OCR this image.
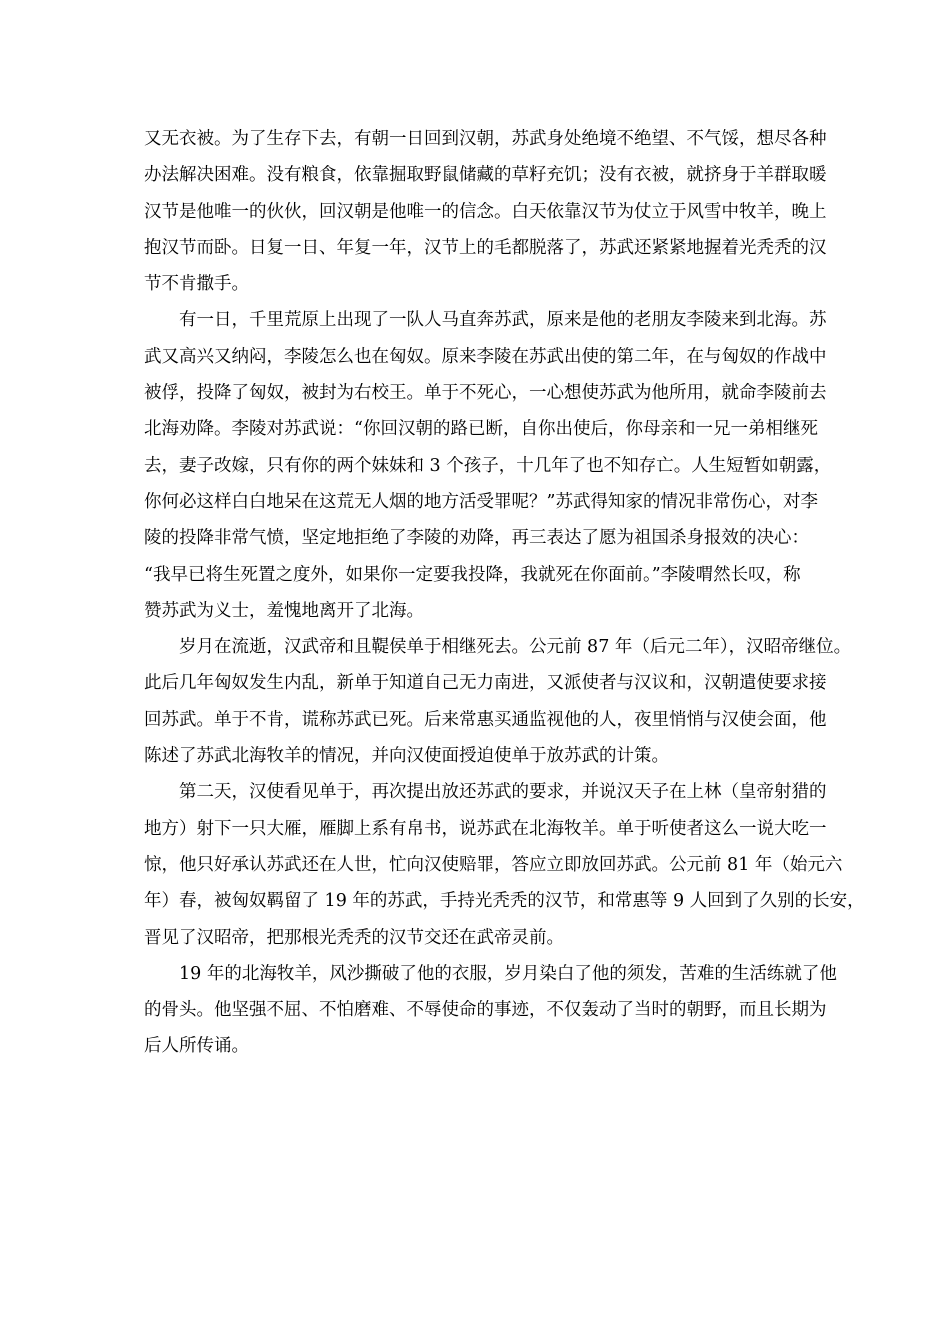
又无衣被。为了生存下去，有朝一日回到汉朝，苏武身处绝境不绝望、不气馁，想尽各种
办法解决困难。没有粮食，依靠掘取野鼠储藏的草籽充饥；没有衣被，就挤身于羊群取暖
汉节是他唯一的伙伙，回汉朝是他唯一的信念。白天依靠汉节为仗立于风雪中牧羊，晚上
抱汉节而卧。日复一日、年复一年，汉节上的毛都脱落了，苏武还紧紧地握着光秃秃的汉
节不肯撒手。
有一日，千里荒原上出现了一队人马直奔苏武，原来是他的老朋友李陵来到北海。苏
武又高兴又纳闷，李陵怎么也在匈奴。原来李陵在苏武出使的第二年，在与匈奴的作战中
被俘，投降了匈奴，被封为右校王。单于不死心，一心想使苏武为他所用，就命李陵前去
北海劝降。李陵对苏武说：“你回汉朝的路已断，自你出使后，你母亲和一兄一弟相继死
去，妻子改嫁，只有你的两个妹妹和 3 个孩子，十几年了也不知存亡。人生短暂如朝露，
你何必这样白白地呆在这荒无人烟的地方活受罪呢？”苏武得知家的情况非常伤心，对李
陵的投降非常气愤，坚定地拒绝了李陵的劝降，再三表达了愿为祖国杀身报效的决心：
“我早已将生死置之度外，如果你一定要我投降，我就死在你面前。”李陵喟然长叹，称
赞苏武为义士，羞愧地离开了北海。
岁月在流逝，汉武帝和且鞮侯单于相继死去。公元前 87 年（后元二年），汉昭帝继位。
此后几年匈奴发生内乱，新单于知道自己无力南进，又派使者与汉议和，汉朝遣使要求接
回苏武。单于不肯，谎称苏武已死。后来常惠买通监视他的人，夜里悄悄与汉使会面，他
陈述了苏武北海牧羊的情况，并向汉使面授迫使单于放苏武的计策。
第二天，汉使看见单于，再次提出放还苏武的要求，并说汉天子在上林（皇帝射猎的
地方）射下一只大雁，雁脚上系有帛书，说苏武在北海牧羊。单于听使者这么一说大吃一
惊，他只好承认苏武还在人世，忙向汉使赔罪，答应立即放回苏武。公元前 81 年（始元六
年）春，被匈奴羁留了 19 年的苏武，手持光秃秃的汉节，和常惠等 9 人回到了久别的长安，
晋见了汉昭帝，把那根光秃秃的汉节交还在武帝灵前。
19 年的北海牧羊，风沙撕破了他的衣服，岁月染白了他的须发，苦难的生活练就了他
的骨头。他坚强不屈、不怕磨难、不辱使命的事迹，不仅轰动了当时的朝野，而且长期为
后人所传诵。
